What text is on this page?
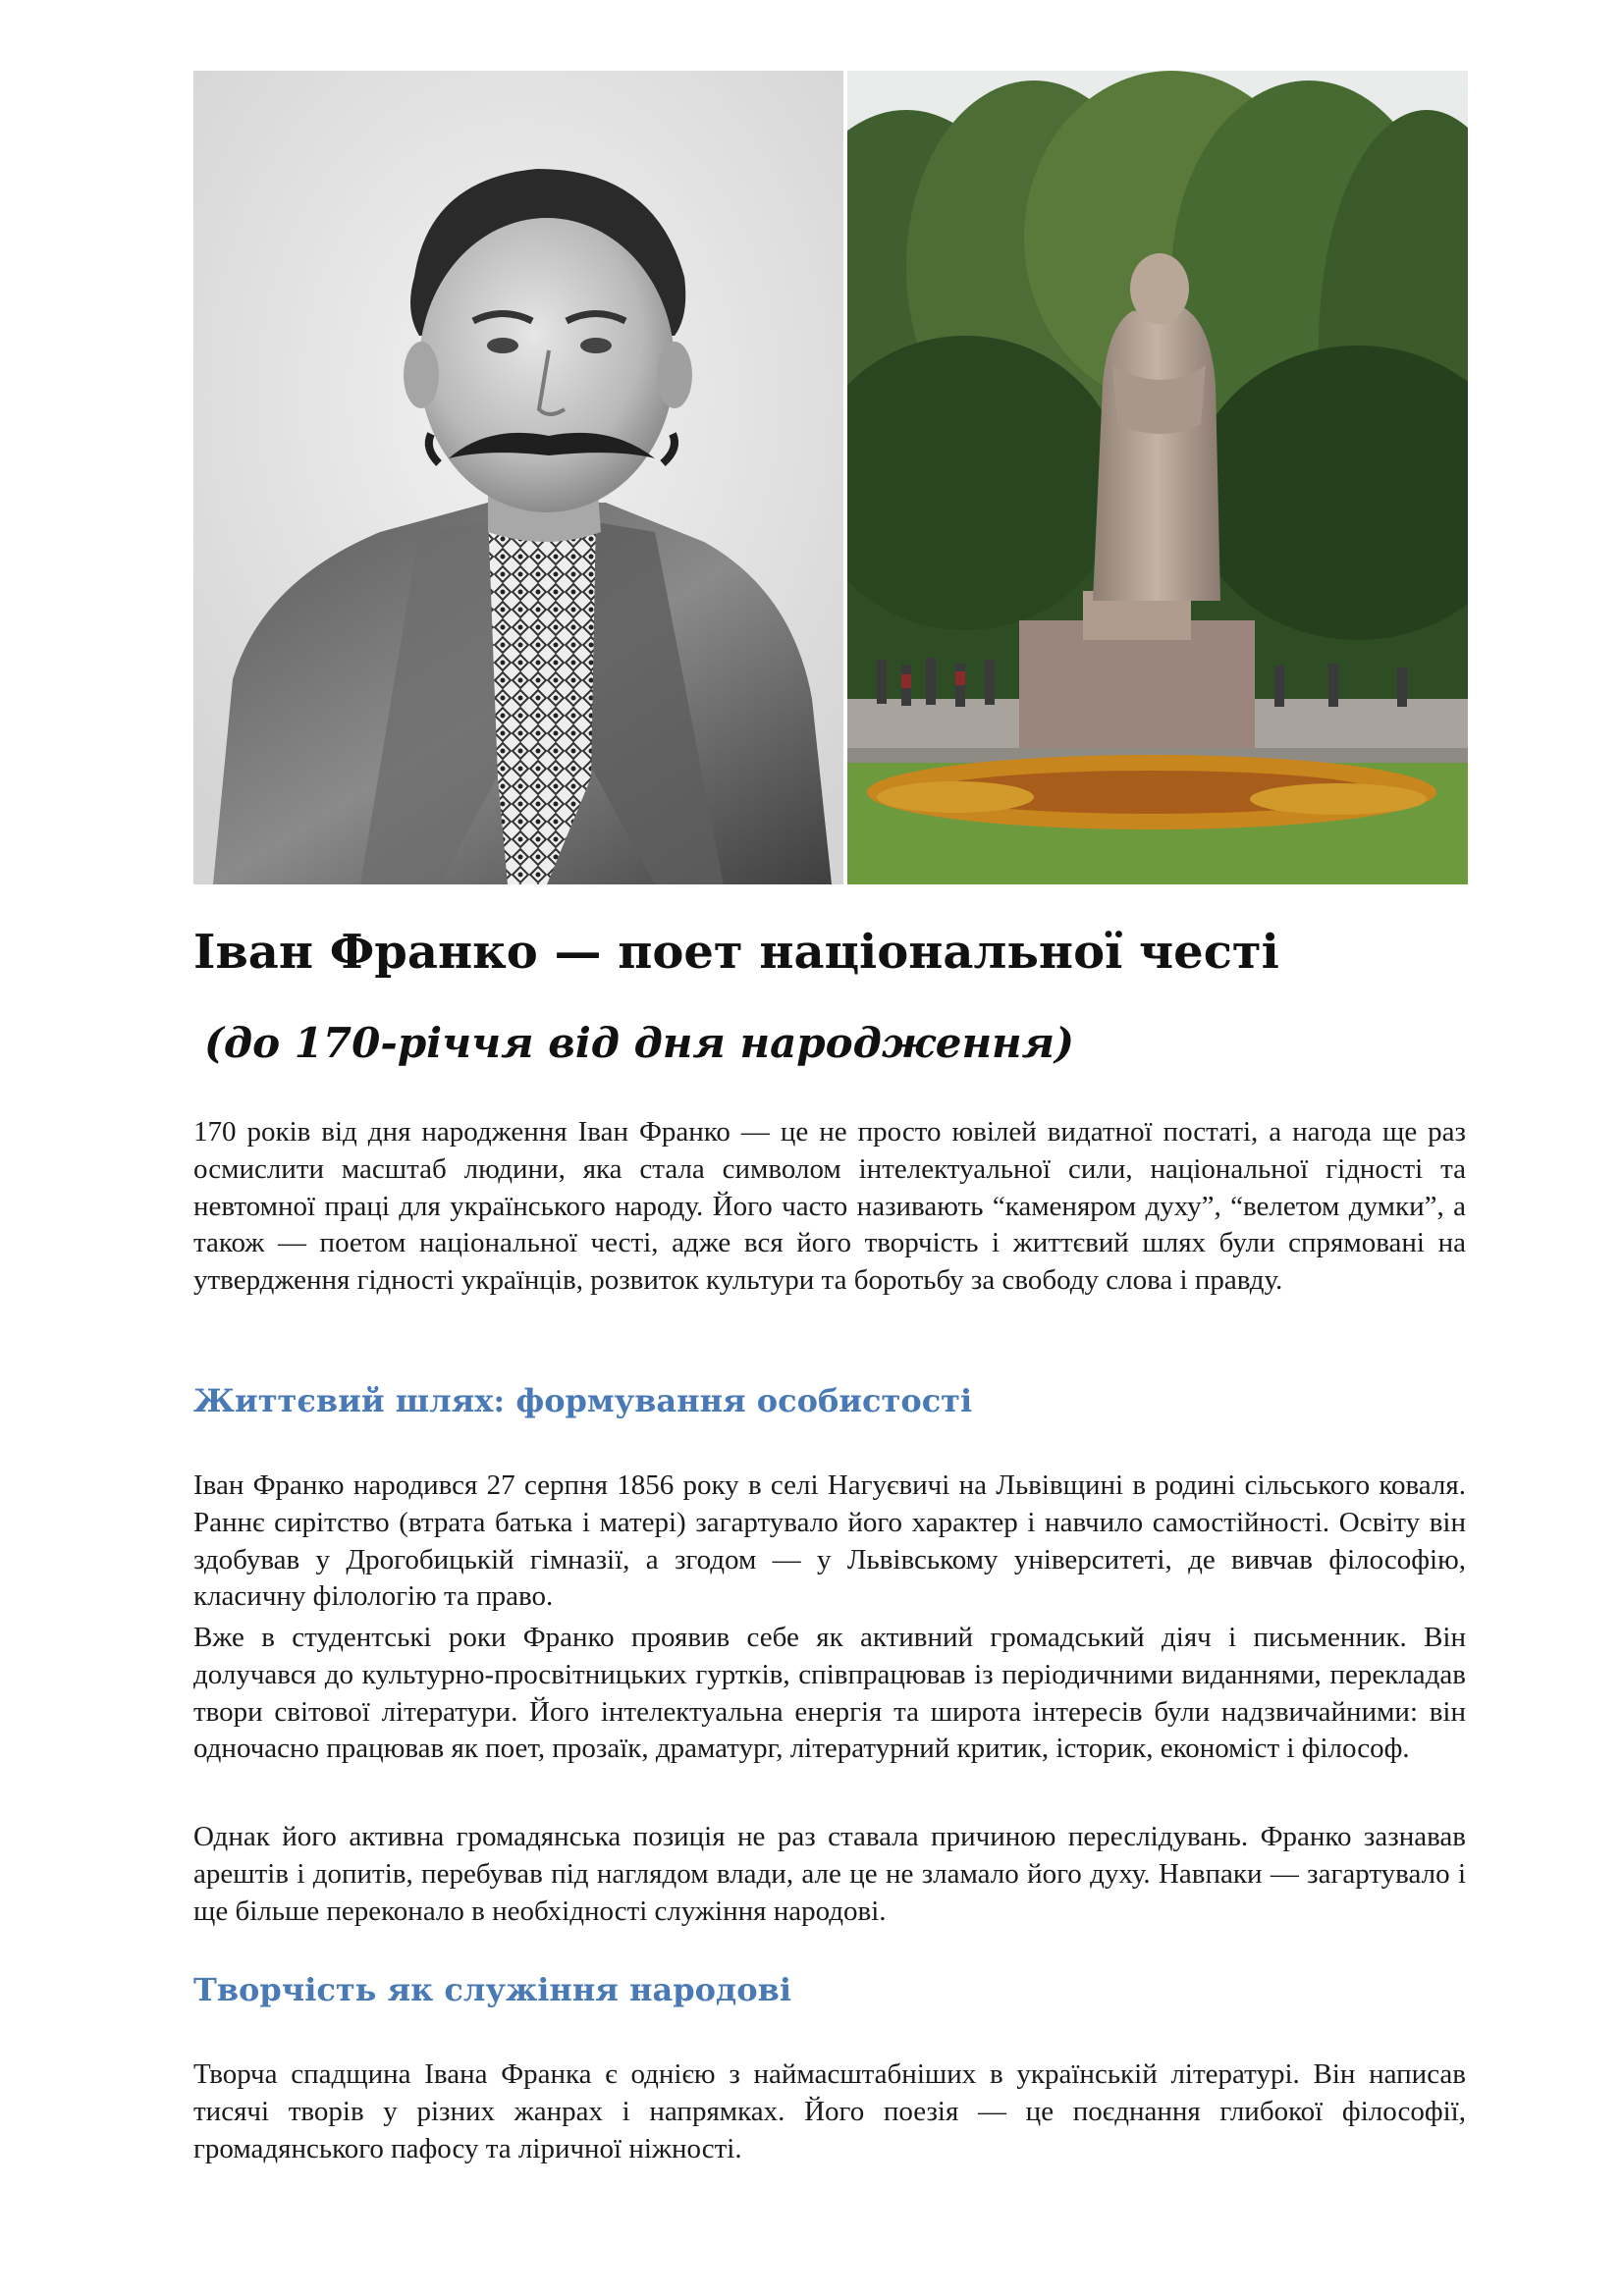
Іван Франко — поет національної честі
(до 170-річчя від дня народження)

170 років від дня народження Іван Франко — це не просто ювілей видатної постаті, а нагода ще раз осмислити масштаб людини, яка стала символом інтелектуальної сили, національної гідності та невтомної праці для українського народу. Його часто називають “каменяром духу”, “велетом думки”, а також — поетом національної честі, адже вся його творчість і життєвий шлях були спрямовані на утвердження гідності українців, розвиток культури та боротьбу за свободу слова і правду.

Життєвий шлях: формування особистості

Іван Франко народився 27 серпня 1856 року в селі Нагуєвичі на Львівщині в родині сільського коваля. Раннє сирітство (втрата батька і матері) загартувало його характер і навчило самостійності. Освіту він здобував у Дрогобицькій гімназії, а згодом — у Львівському університеті, де вивчав філософію, класичну філологію та право.

Вже в студентські роки Франко проявив себе як активний громадський діяч і письменник. Він долучався до культурно-просвітницьких гуртків, співпрацював із періодичними виданнями, перекладав твори світової літератури. Його інтелектуальна енергія та широта інтересів були надзвичайними: він одночасно працював як поет, прозаїк, драматург, літературний критик, історик, економіст і філософ.

Однак його активна громадянська позиція не раз ставала причиною переслідувань. Франко зазнавав арештів і допитів, перебував під наглядом влади, але це не зламало його духу. Навпаки — загартувало і ще більше переконало в необхідності служіння народові.

Творчість як служіння народові

Творча спадщина Івана Франка є однією з наймасштабніших в українській літературі. Він написав тисячі творів у різних жанрах і напрямках. Його поезія — це поєднання глибокої філософії, громадянського пафосу та ліричної ніжності.
